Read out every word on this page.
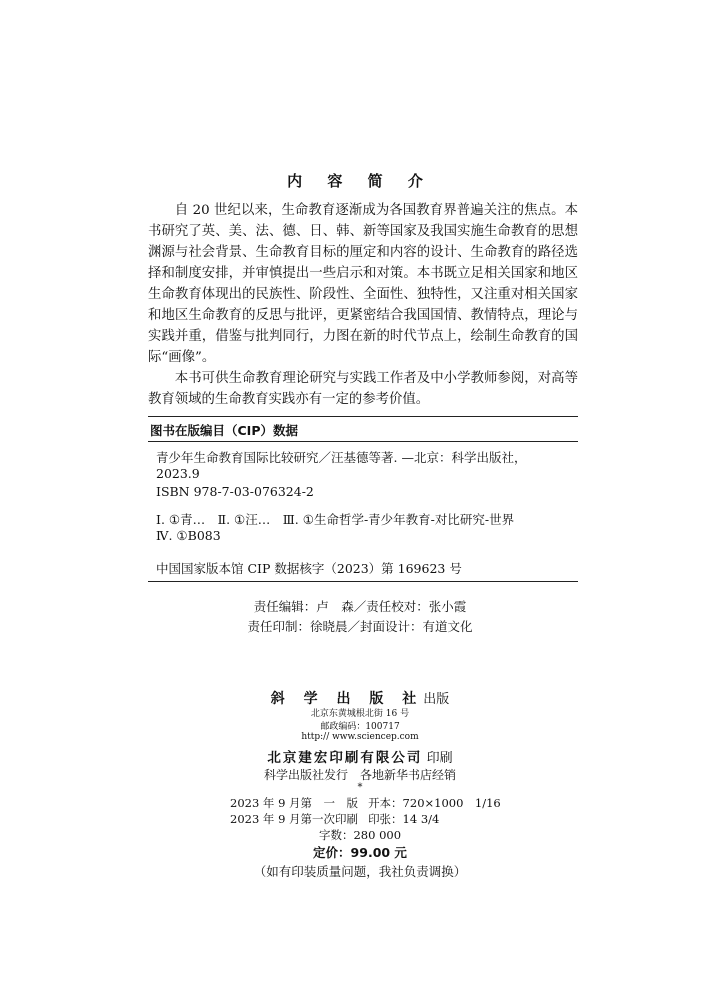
内 容 简 介

自 20 世纪以来，生命教育逐渐成为各国教育界普遍关注的焦点。本书研究了英、美、法、德、日、韩、新等国家及我国实施生命教育的思想渊源与社会背景、生命教育目标的厘定和内容的设计、生命教育的路径选择和制度安排，并审慎提出一些启示和对策。本书既立足相关国家和地区生命教育体现出的民族性、阶段性、全面性、独特性，又注重对相关国家和地区生命教育的反思与批评，更紧密结合我国国情、教情特点，理论与实践并重，借鉴与批判同行，力图在新的时代节点上，绘制生命教育的国际“画像”。

本书可供生命教育理论研究与实践工作者及中小学教师参阅，对高等教育领域的生命教育实践亦有一定的参考价值。

图书在版编目（CIP）数据
青少年生命教育国际比较研究／汪基德等著. —北京：科学出版社，
2023.9
ISBN 978-7-03-076324-2
Ⅰ. ①青…　Ⅱ. ①汪…　Ⅲ. ①生命哲学-青少年教育-对比研究-世界
Ⅳ. ①B083
中国国家版本馆 CIP 数据核字（2023）第 169623 号
责任编辑：卢　森／责任校对：张小霞
责任印制：徐晓晨／封面设计：有道文化
斜 学 出 版 社出版
北京东黄城根北街 16 号
邮政编码：100717
http:// www.sciencep.com
北京建宏印刷有限公司 印刷
科学出版社发行　各地新华书店经销
*
2023 年 9 月第　一　版 开本：720×1000　1/16
2023 年 9 月第一次印刷 印张：14 3/4
字数：280 000
定价：99.00 元
（如有印装质量问题，我社负责调换）
